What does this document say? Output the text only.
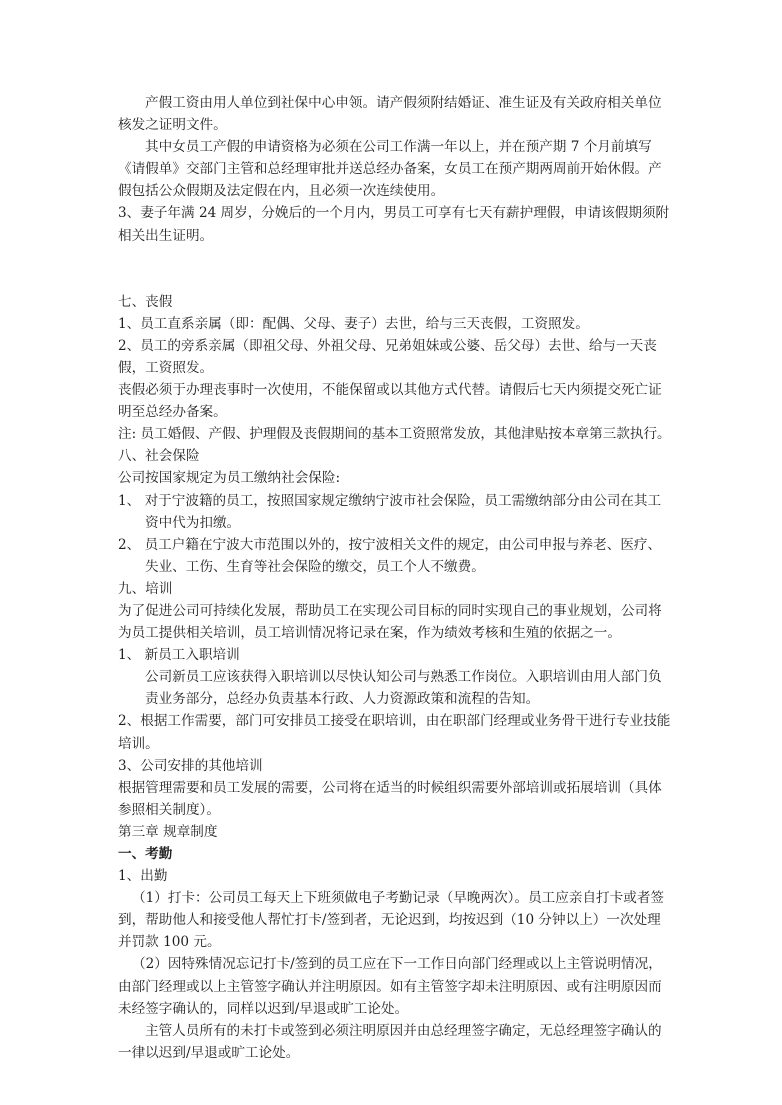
产假工资由用人单位到社保中心申领。请产假须附结婚证、准生证及有关政府相关单位核发之证明文件。

其中女员工产假的申请资格为必须在公司工作满一年以上，并在预产期 7 个月前填写《请假单》交部门主管和总经理审批并送总经办备案，女员工在预产期两周前开始休假。产假包括公众假期及法定假在内，且必须一次连续使用。

3、妻子年满 24 周岁，分娩后的一个月内，男员工可享有七天有薪护理假，申请该假期须附相关出生证明。

七、丧假

1、员工直系亲属（即：配偶、父母、妻子）去世，给与三天丧假，工资照发。

2、员工的旁系亲属（即祖父母、外祖父母、兄弟姐妹或公婆、岳父母）去世、给与一天丧假，工资照发。

丧假必须于办理丧事时一次使用，不能保留或以其他方式代替。请假后七天内须提交死亡证明至总经办备案。

注: 员工婚假、产假、护理假及丧假期间的基本工资照常发放，其他津贴按本章第三款执行。

八、社会保险

公司按国家规定为员工缴纳社会保险:

1、 对于宁波籍的员工，按照国家规定缴纳宁波市社会保险，员工需缴纳部分由公司在其工资中代为扣缴。

2、 员工户籍在宁波大市范围以外的，按宁波相关文件的规定，由公司申报与养老、医疗、失业、工伤、生育等社会保险的缴交，员工个人不缴费。

九、培训

为了促进公司可持续化发展，帮助员工在实现公司目标的同时实现自己的事业规划，公司将为员工提供相关培训，员工培训情况将记录在案，作为绩效考核和生殖的依据之一。

1、 新员工入职培训

公司新员工应该获得入职培训以尽快认知公司与熟悉工作岗位。入职培训由用人部门负责业务部分，总经办负责基本行政、人力资源政策和流程的告知。

2、根据工作需要，部门可安排员工接受在职培训，由在职部门经理或业务骨干进行专业技能培训。

3、公司安排的其他培训

根据管理需要和员工发展的需要，公司将在适当的时候组织需要外部培训或拓展培训（具体参照相关制度）。

第三章 规章制度

一、考勤

1、出勤

（1）打卡：公司员工每天上下班须做电子考勤记录（早晚两次）。员工应亲自打卡或者签到，帮助他人和接受他人帮忙打卡/签到者，无论迟到，均按迟到（10 分钟以上）一次处理并罚款 100 元。

（2）因特殊情况忘记打卡/签到的员工应在下一工作日向部门经理或以上主管说明情况，由部门经理或以上主管签字确认并注明原因。如有主管签字却未注明原因、或有注明原因而未经签字确认的，同样以迟到/早退或旷工论处。

主管人员所有的未打卡或签到必须注明原因并由总经理签字确定，无总经理签字确认的一律以迟到/早退或旷工论处。
